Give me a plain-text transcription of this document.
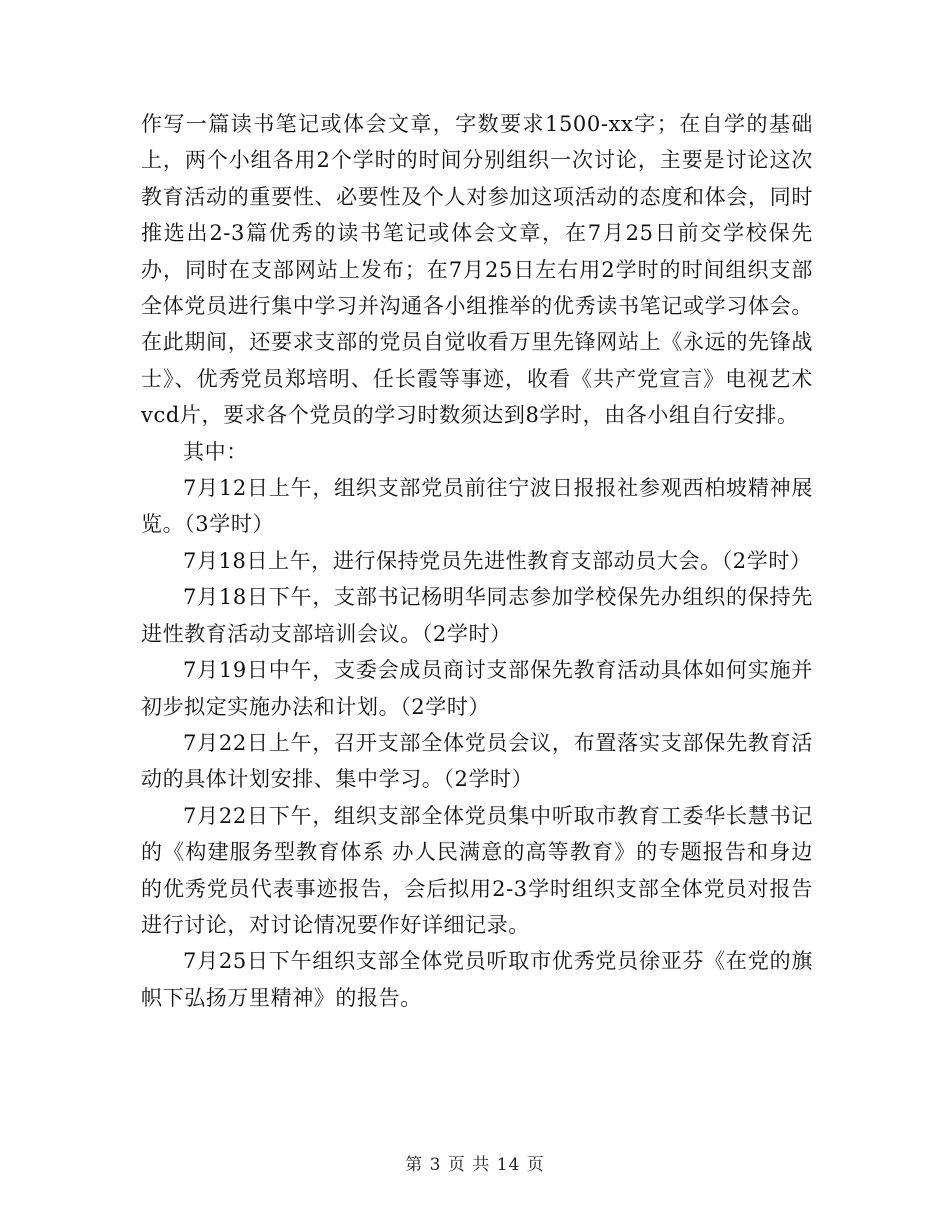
作写一篇读书笔记或体会文章，字数要求1500-xx字；在自学的基础上，两个小组各用2个学时的时间分别组织一次讨论，主要是讨论这次教育活动的重要性、必要性及个人对参加这项活动的态度和体会，同时推选出2-3篇优秀的读书笔记或体会文章，在7月25日前交学校保先办，同时在支部网站上发布；在7月25日左右用2学时的时间组织支部全体党员进行集中学习并沟通各小组推举的优秀读书笔记或学习体会。在此期间，还要求支部的党员自觉收看万里先锋网站上《永远的先锋战士》、优秀党员郑培明、任长霞等事迹，收看《共产党宣言》电视艺术vcd片，要求各个党员的学习时数须达到8学时，由各小组自行安排。

其中：

7月12日上午，组织支部党员前往宁波日报报社参观西柏坡精神展览。（3学时）

7月18日上午，进行保持党员先进性教育支部动员大会。（2学时）

7月18日下午，支部书记杨明华同志参加学校保先办组织的保持先进性教育活动支部培训会议。（2学时）

7月19日中午，支委会成员商讨支部保先教育活动具体如何实施并初步拟定实施办法和计划。（2学时）

7月22日上午，召开支部全体党员会议，布置落实支部保先教育活动的具体计划安排、集中学习。（2学时）

7月22日下午，组织支部全体党员集中听取市教育工委华长慧书记的《构建服务型教育体系 办人民满意的高等教育》的专题报告和身边的优秀党员代表事迹报告，会后拟用2-3学时组织支部全体党员对报告进行讨论，对讨论情况要作好详细记录。

7月25日下午组织支部全体党员听取市优秀党员徐亚芬《在党的旗帜下弘扬万里精神》的报告。

第 3 页 共 14 页
